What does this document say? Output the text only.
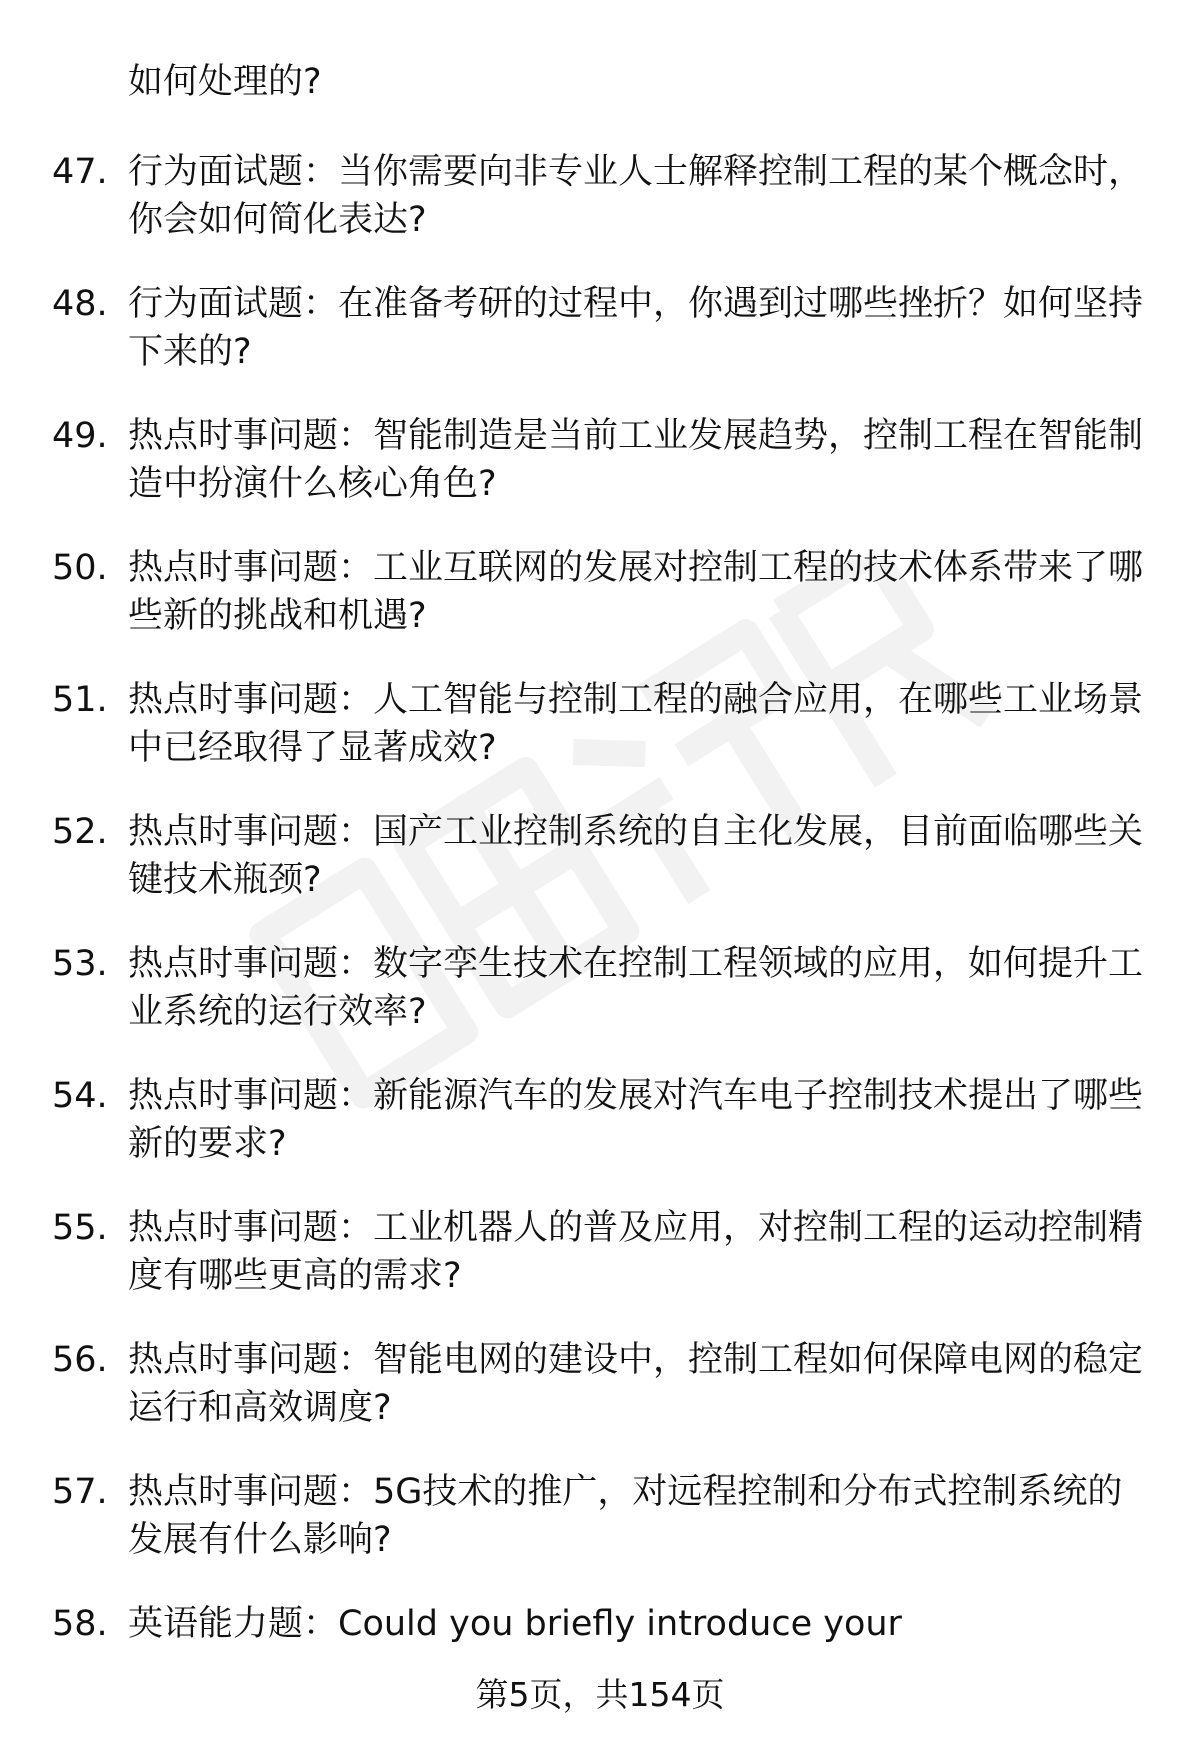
如何处理的?
47. 行为面试题：当你需要向非专业人士解释控制工程的某个概念时，你会如何简化表达?
48. 行为面试题：在准备考研的过程中，你遇到过哪些挫折？如何坚持下来的?
49. 热点时事问题：智能制造是当前工业发展趋势，控制工程在智能制造中扮演什么核心角色?
50. 热点时事问题：工业互联网的发展对控制工程的技术体系带来了哪些新的挑战和机遇?
51. 热点时事问题：人工智能与控制工程的融合应用，在哪些工业场景中已经取得了显著成效?
52. 热点时事问题：国产工业控制系统的自主化发展，目前面临哪些关键技术瓶颈?
53. 热点时事问题：数字孪生技术在控制工程领域的应用，如何提升工业系统的运行效率?
54. 热点时事问题：新能源汽车的发展对汽车电子控制技术提出了哪些新的要求?
55. 热点时事问题：工业机器人的普及应用，对控制工程的运动控制精度有哪些更高的需求?
56. 热点时事问题：智能电网的建设中，控制工程如何保障电网的稳定运行和高效调度?
57. 热点时事问题：5G技术的推广，对远程控制和分布式控制系统的发展有什么影响?
58. 英语能力题：Could you briefly introduce your
第5页，共154页
